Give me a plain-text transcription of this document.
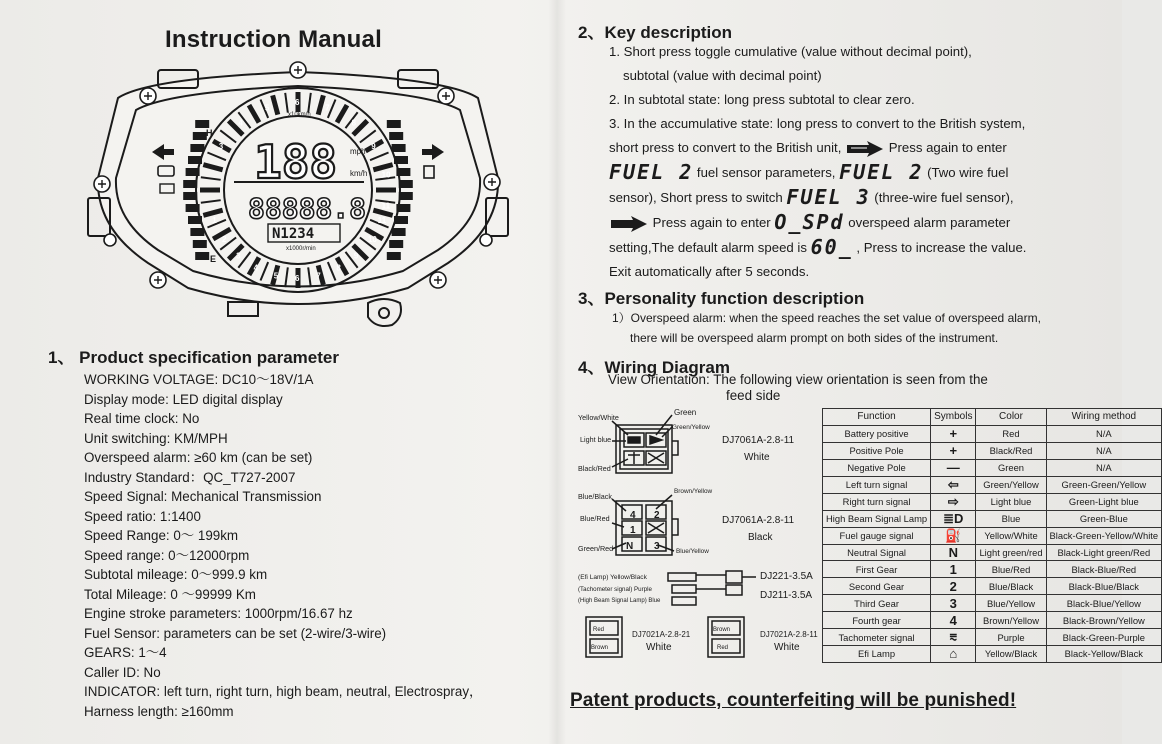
Instruction Manual
188 mph
km/h
88888.8
N1234
x1000r/min
x10km/h
H
E
3
4
5
6
7
8
9
10
11
11
10
9
8
7
6
5
4
3
2
1
1、 Product specification parameter
WORKING VOLTAGE: DC10～18V/1A
Display mode: LED digital display
Real time clock: No
Unit switching: KM/MPH
Overspeed alarm: ≥60 km (can be set)
Industry Standard：QC_T727-2007
Speed Signal: Mechanical Transmission
Speed ratio: 1:1400
Speed Range: 0～ 199km
Speed range: 0～12000rpm
Subtotal mileage: 0～999.9 km
Total Mileage: 0 ～99999 Km
Engine stroke parameters: 1000rpm/16.67 hz
Fuel Sensor: parameters can be set (2-wire/3-wire)
GEARS: 1～4
Caller ID: No
INDICATOR: left turn, right turn, high beam, neutral, Electrospray，
Harness length: ≥160mm
2、Key description
1. Short press toggle cumulative (value without decimal point),
subtotal (value with decimal point)
2. In subtotal state: long press subtotal to clear zero.
3. In the accumulative state: long press to convert to the British system,
short press to convert to the British unit,	Press again to enter
FUEL 2 fuel sensor parameters, FUEL 2 (Two wire fuel
sensor), Short press to switch FUEL 3 (three-wire fuel sensor),
Press again to enter O_SPd overspeed alarm parameter
setting,The default alarm speed is 60_ , Press to increase the value.
Exit automatically after 5 seconds.
3、Personality function description
1）Overspeed alarm: when the speed reaches the set value of overspeed alarm,
there will be overspeed alarm prompt on both sides of the instrument.
4、Wiring Diagram
View Orientation: The following view orientation is seen from the
feed side
Yellow/White
Light blue
Black/Red
Green
Green/Yellow
DJ7061A-2.8-11
White
Blue/Black
Blue/Red
Green/Red
Brown/Yellow
Blue/Yellow
DJ7061A-2.8-11
Black
(Efi Lamp) Yellow/Black
(Tachometer signal) Purple
(High Beam Signal Lamp) Blue
DJ221-3.5A
DJ211-3.5A
DJ7021A-2.8-21
White
DJ7021A-2.8-11
White
2
4
1
N 3
Red
Brown
Brown
Red
Function	Symbols	Color	Wiring method
Battery positive	+	Red	N/A
Positive Pole	+	Black/Red	N/A
Negative Pole	—	Green	N/A
Left turn signal	⇦	Green/Yellow	Green-Green/Yellow
Right turn signal	⇨	Light blue	Green-Light blue
High Beam Signal Lamp	≣D	Blue	Green-Blue
Fuel gauge signal	⛽	Yellow/White	Black-Green-Yellow/White
Neutral Signal	N	Light green/red	Black-Light green/Red
First Gear	1	Blue/Red	Black-Blue/Red
Second Gear	2	Blue/Black	Black-Blue/Black
Third Gear	3	Blue/Yellow	Black-Blue/Yellow
Fourth gear	4	Brown/Yellow	Black-Brown/Yellow
Tachometer signal	⩳	Purple	Black-Green-Purple
Efi Lamp	⌂	Yellow/Black	Black-Yellow/Black
Patent products, counterfeiting will be punished!
